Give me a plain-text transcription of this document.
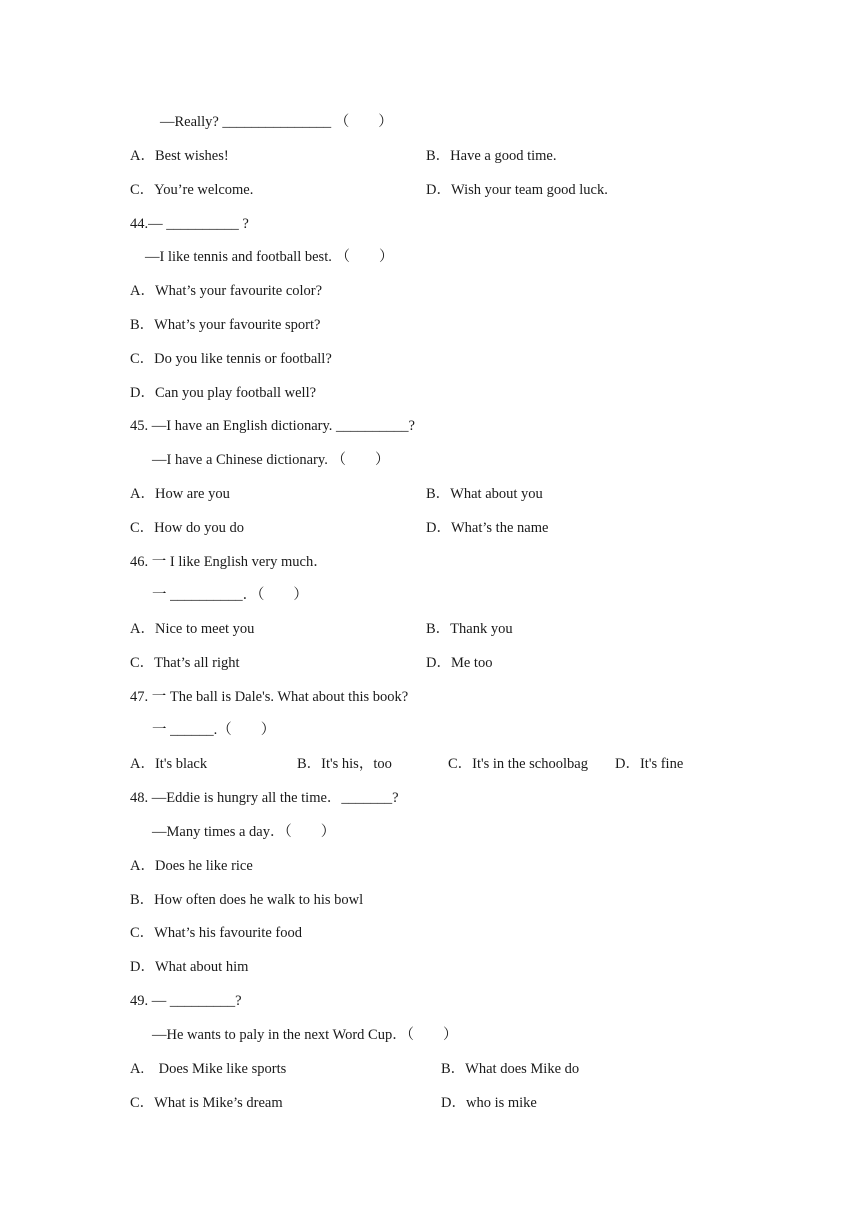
—Really? _______________ （　　）
A．Best wishes!	B．Have a good time.
C．You’re welcome.	D．Wish your team good luck.
44.— __________ ?
—I like tennis and football best. （　　）
A．What’s your favourite color?
B．What’s your favourite sport?
C．Do you like tennis or football?
D．Can you play football well?
45. —I have an English dictionary. __________?
—I have a Chinese dictionary. （　　）
A．How are you	B．What about you
C．How do you do	D．What’s the name
46. 一 I like English very much．
一 __________．（　　）
A．Nice to meet you	B．Thank you
C．That’s all right	D．Me too
47. 一 The ball is Dale's. What about this book?
一 ______.（　　）
A．It's black	B．It's his，too	C．It's in the schoolbag D．It's fine
48. —Eddie is hungry all the time．_______?
—Many times a day．（　　）
A．Does he like rice
B．How often does he walk to his bowl
C．What’s his favourite food
D．What about him
49. — _________?
—He wants to paly in the next Word Cup．（　　）
A.　Does Mike like sports	B．What does Mike do
C．What is Mike’s dream	D．who is mike
